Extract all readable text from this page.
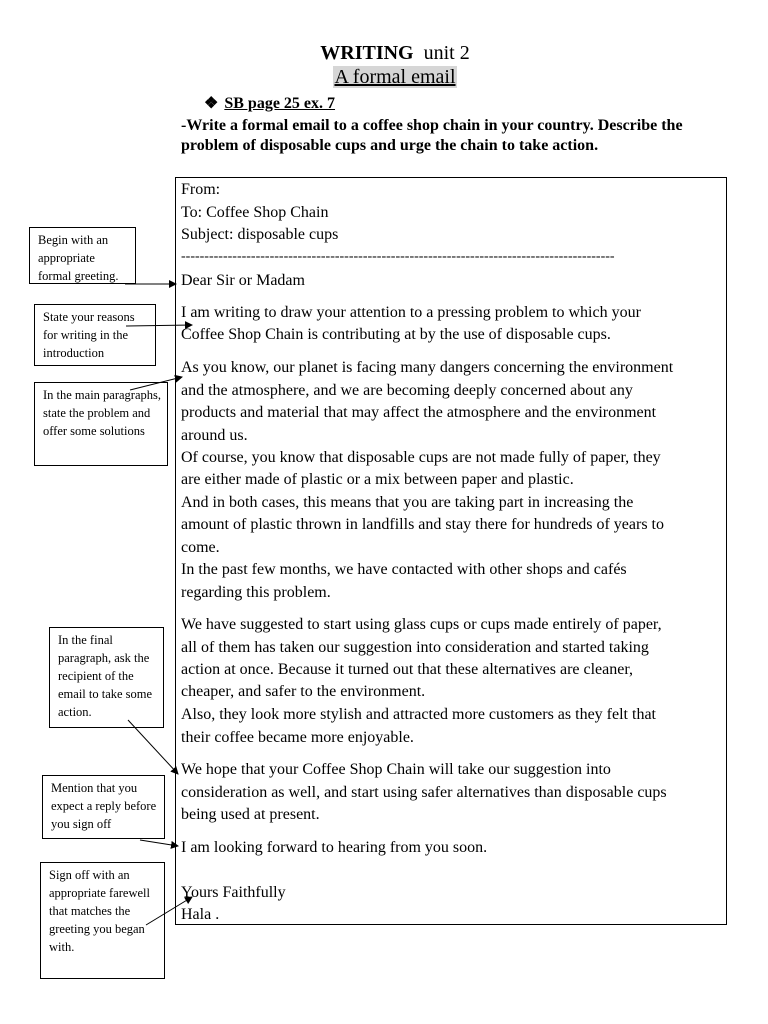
WRITING unit 2
A formal email
❖ SB page 25 ex. 7
-Write a formal email to a coffee shop chain in your country. Describe the problem of disposable cups and urge the chain to take action.
From:
To: Coffee Shop Chain
Subject: disposable cups
---------------------------------------------------------------------------------------------
Dear Sir or Madam
I am writing to draw your attention to a pressing problem to which your
Coffee Shop Chain is contributing at by the use of disposable cups.
As you know, our planet is facing many dangers concerning the environment
and the atmosphere, and we are becoming deeply concerned about any
products and material that may affect the atmosphere and the environment
around us.
Of course, you know that disposable cups are not made fully of paper, they
are either made of plastic or a mix between paper and plastic.
And in both cases, this means that you are taking part in increasing the
amount of plastic thrown in landfills and stay there for hundreds of years to
come.
In the past few months, we have contacted with other shops and cafés
regarding this problem.
We have suggested to start using glass cups or cups made entirely of paper,
all of them has taken our suggestion into consideration and started taking
action at once. Because it turned out that these alternatives are cleaner,
cheaper, and safer to the environment.
Also, they look more stylish and attracted more customers as they felt that
their coffee became more enjoyable.
We hope that your Coffee Shop Chain will take our suggestion into
consideration as well, and start using safer alternatives than disposable cups
being used at present.
I am looking forward to hearing from you soon.
Yours Faithfully
Hala .
Begin with an appropriate formal greeting.
State your reasons for writing in the introduction
In the main paragraphs, state the problem and offer some solutions
In the final paragraph, ask the recipient of the email to take some action.
Mention that you expect a reply before you sign off
Sign off with an appropriate farewell that matches the greeting you began with.
